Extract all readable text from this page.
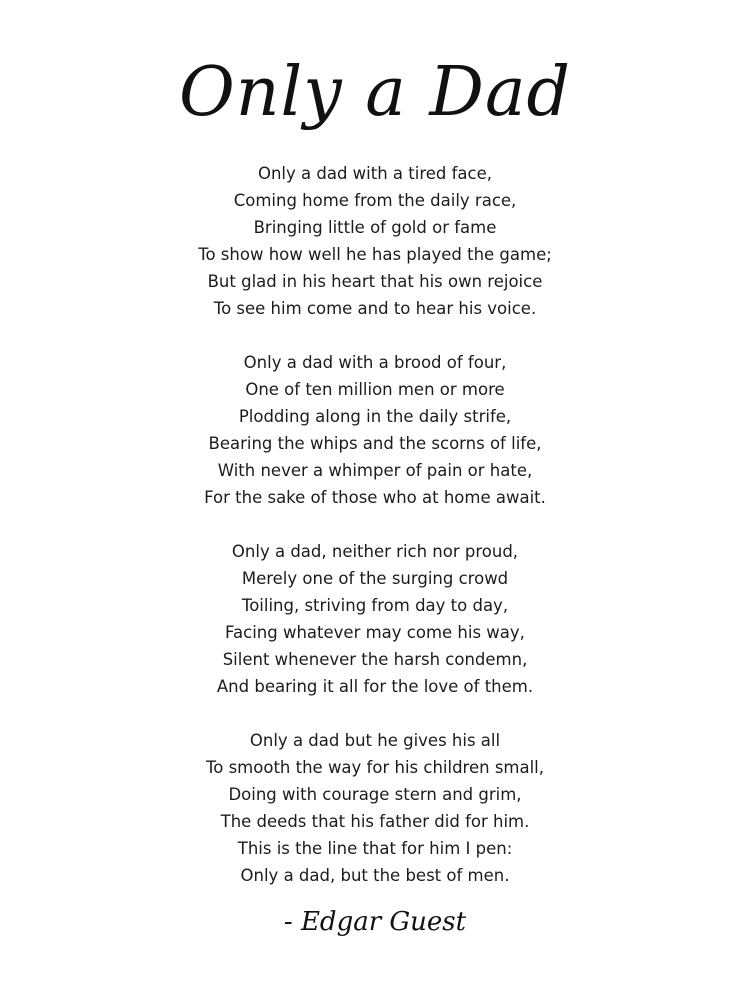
Only a Dad
Only a dad with a tired face,
Coming home from the daily race,
Bringing little of gold or fame
To show how well he has played the game;
But glad in his heart that his own rejoice
To see him come and to hear his voice.
Only a dad with a brood of four,
One of ten million men or more
Plodding along in the daily strife,
Bearing the whips and the scorns of life,
With never a whimper of pain or hate,
For the sake of those who at home await.
Only a dad, neither rich nor proud,
Merely one of the surging crowd
Toiling, striving from day to day,
Facing whatever may come his way,
Silent whenever the harsh condemn,
And bearing it all for the love of them.
Only a dad but he gives his all
To smooth the way for his children small,
Doing with courage stern and grim,
The deeds that his father did for him.
This is the line that for him I pen:
Only a dad, but the best of men.
- Edgar Guest
